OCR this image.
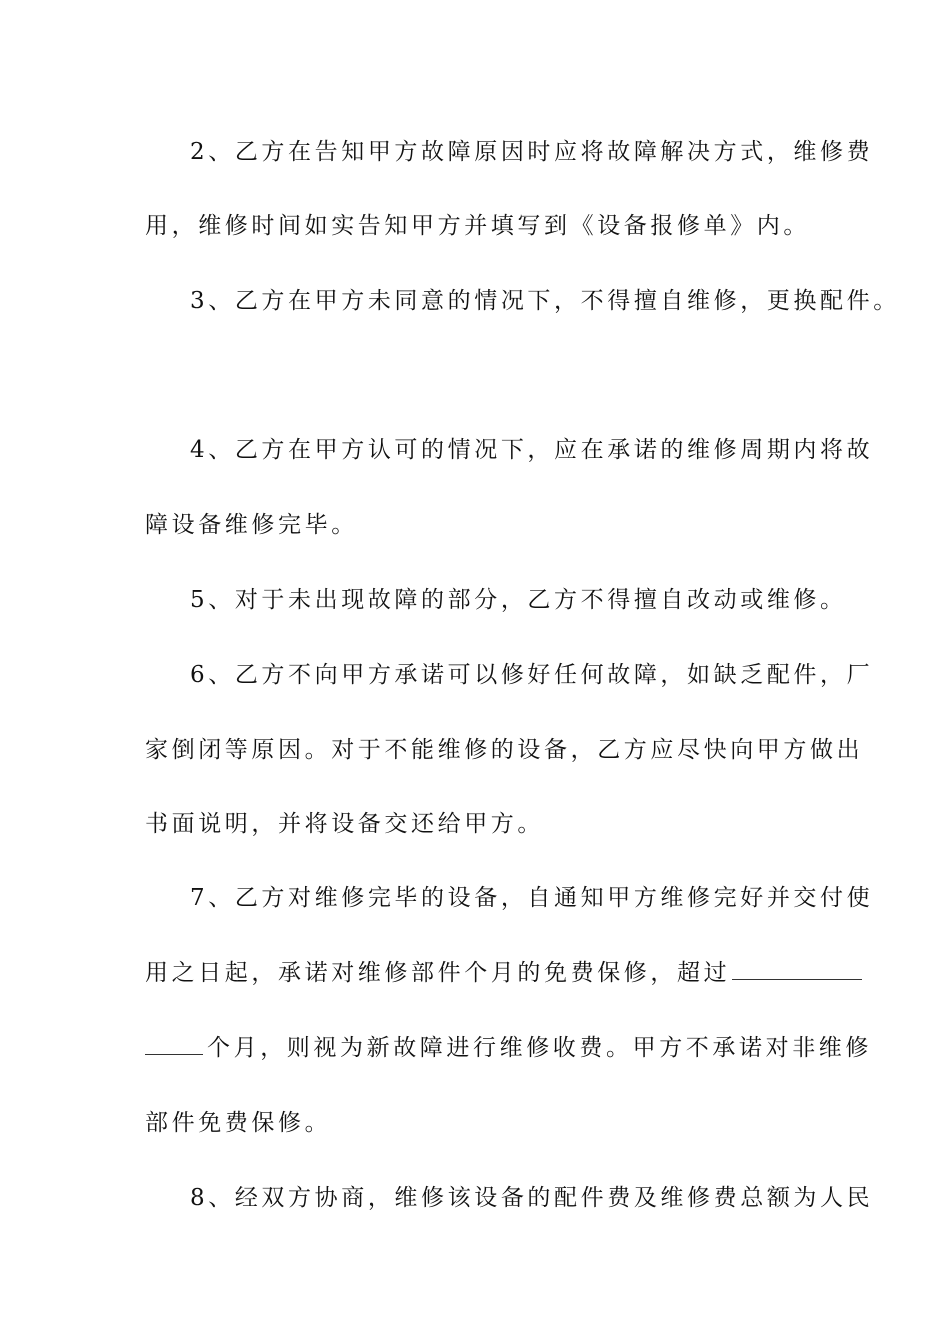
2、乙方在告知甲方故障原因时应将故障解决方式，维修费
用，维修时间如实告知甲方并填写到《设备报修单》内。
3、乙方在甲方未同意的情况下，不得擅自维修，更换配件。
4、乙方在甲方认可的情况下，应在承诺的维修周期内将故
障设备维修完毕。
5、对于未出现故障的部分，乙方不得擅自改动或维修。
6、乙方不向甲方承诺可以修好任何故障，如缺乏配件，厂
家倒闭等原因。对于不能维修的设备，乙方应尽快向甲方做出
书面说明，并将设备交还给甲方。
7、乙方对维修完毕的设备，自通知甲方维修完好并交付使
用之日起，承诺对维修部件个月的免费保修，超过
个月，则视为新故障进行维修收费。甲方不承诺对非维修
部件免费保修。
8、经双方协商，维修该设备的配件费及维修费总额为人民
